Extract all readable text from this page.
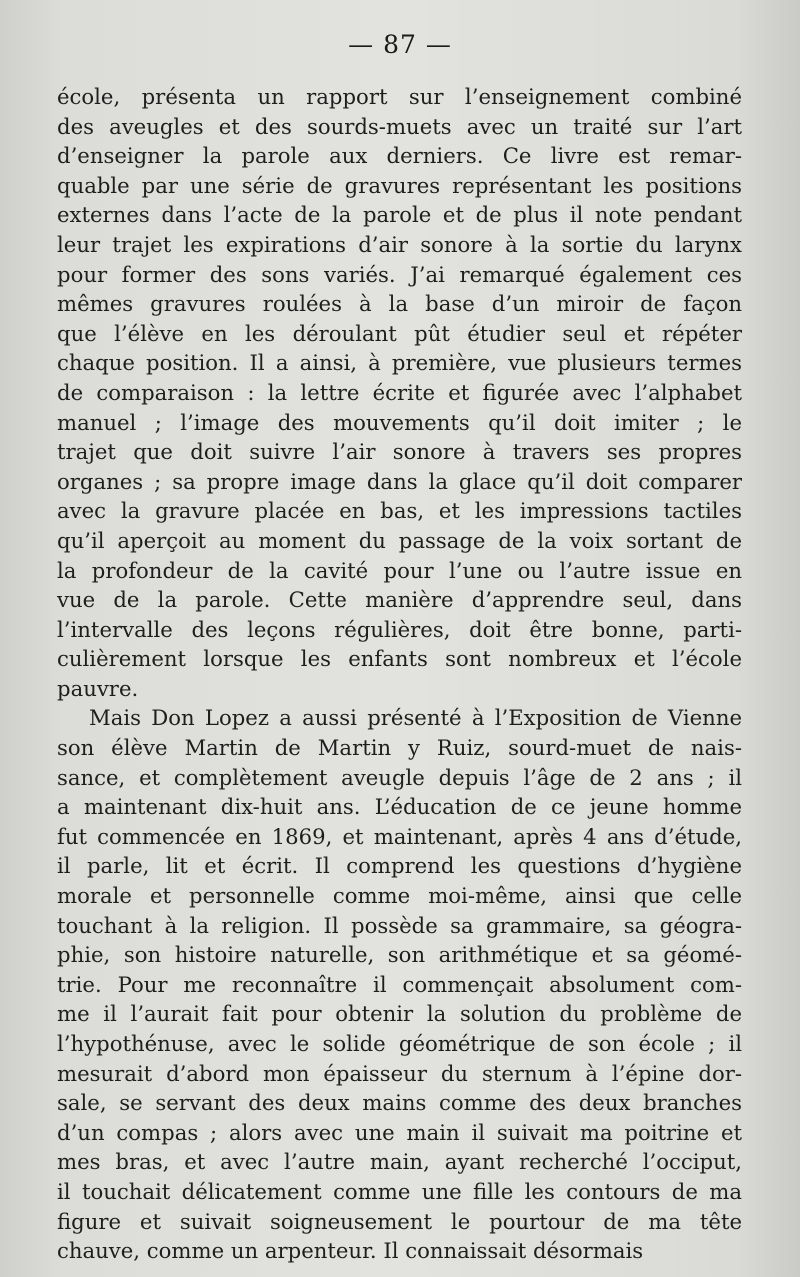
— 87 —
école, présenta un rapport sur l’enseignement combiné
des aveugles et des sourds-muets avec un traité sur l’art
d’enseigner la parole aux derniers. Ce livre est remar-
quable par une série de gravures représentant les positions
externes dans l’acte de la parole et de plus il note pendant
leur trajet les expirations d’air sonore à la sortie du larynx
pour former des sons variés. J’ai remarqué également ces
mêmes gravures roulées à la base d’un miroir de façon
que l’élève en les déroulant pût étudier seul et répéter
chaque position. Il a ainsi, à première, vue plusieurs termes
de comparaison : la lettre écrite et figurée avec l’alphabet
manuel ; l’image des mouvements qu’il doit imiter ; le
trajet que doit suivre l’air sonore à travers ses propres
organes ; sa propre image dans la glace qu’il doit comparer
avec la gravure placée en bas, et les impressions tactiles
qu’il aperçoit au moment du passage de la voix sortant de
la profondeur de la cavité pour l’une ou l’autre issue en
vue de la parole. Cette manière d’apprendre seul, dans
l’intervalle des leçons régulières, doit être bonne, parti-
culièrement lorsque les enfants sont nombreux et l’école
pauvre.
Mais Don Lopez a aussi présenté à l’Exposition de Vienne
son élève Martin de Martin y Ruiz, sourd-muet de nais-
sance, et complètement aveugle depuis l’âge de 2 ans ; il
a maintenant dix-huit ans. L’éducation de ce jeune homme
fut commencée en 1869, et maintenant, après 4 ans d’étude,
il parle, lit et écrit. Il comprend les questions d’hygiène
morale et personnelle comme moi-même, ainsi que celle
touchant à la religion. Il possède sa grammaire, sa géogra-
phie, son histoire naturelle, son arithmétique et sa géomé-
trie. Pour me reconnaître il commençait absolument com-
me il l’aurait fait pour obtenir la solution du problème de
l’hypothénuse, avec le solide géométrique de son école ; il
mesurait d’abord mon épaisseur du sternum à l’épine dor-
sale, se servant des deux mains comme des deux branches
d’un compas ; alors avec une main il suivait ma poitrine et
mes bras, et avec l’autre main, ayant recherché l’occiput,
il touchait délicatement comme une fille les contours de ma
figure et suivait soigneusement le pourtour de ma tête
chauve, comme un arpenteur. Il connaissait désormais
